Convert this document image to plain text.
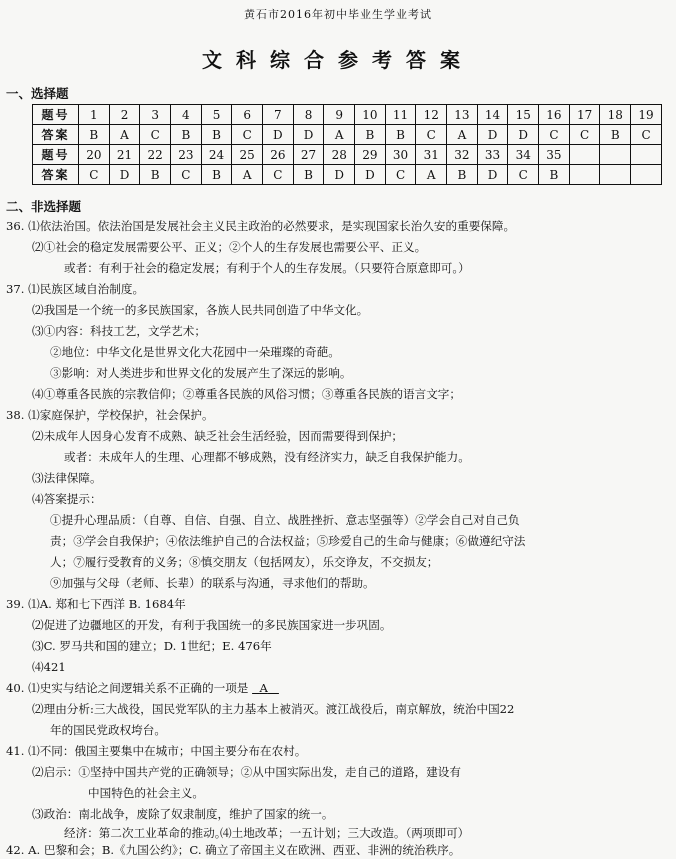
黄石市2016年初中毕业生学业考试
文科综合参考答案
一、选择题
题号	1	2	3	4	5	6	7	8	9	10	11	12	13	14	15	16	17	18	19
答案	B	A	C	B	B	C	D	D	A	B	B	C	A	D	D	C	C	B	C
题号	20	21	22	23	24	25	26	27	28	29	30	31	32	33	34	35			
答案	C	D	B	C	B	A	C	B	D	D	C	A	B	D	C	B			
二、非选择题
36. ⑴依法治国。依法治国是发展社会主义民主政治的必然要求，是实现国家长治久安的重要保障。
⑵①社会的稳定发展需要公平、正义；②个人的生存发展也需要公平、正义。
或者：有利于社会的稳定发展；有利于个人的生存发展。（只要符合原意即可。）
37. ⑴民族区域自治制度。
⑵我国是一个统一的多民族国家，各族人民共同创造了中华文化。
⑶①内容：科技工艺，文学艺术；
②地位：中华文化是世界文化大花园中一朵璀璨的奇葩。
③影响：对人类进步和世界文化的发展产生了深远的影响。
⑷①尊重各民族的宗教信仰；②尊重各民族的风俗习惯；③尊重各民族的语言文字；
38. ⑴家庭保护，学校保护，社会保护。
⑵未成年人因身心发育不成熟、缺乏社会生活经验，因而需要得到保护；
或者：未成年人的生理、心理都不够成熟，没有经济实力，缺乏自我保护能力。
⑶法律保障。
⑷答案提示：
①提升心理品质：（自尊、自信、自强、自立、战胜挫折、意志坚强等）②学会自己对自己负
责；③学会自我保护；④依法维护自己的合法权益；⑤珍爱自己的生命与健康；⑥做遵纪守法
人；⑦履行受教育的义务；⑧慎交朋友（包括网友），乐交诤友，不交损友；
⑨加强与父母（老师、长辈）的联系与沟通，寻求他们的帮助。
39. ⑴A. 郑和七下西洋 B. 1684年
⑵促进了边疆地区的开发，有利于我国统一的多民族国家进一步巩固。
⑶C. 罗马共和国的建立；D. 1世纪；E. 476年
⑷421
40. ⑴史实与结论之间逻辑关系不正确的一项是 A
⑵理由分析:三大战役，国民党军队的主力基本上被消灭。渡江战役后，南京解放，统治中国22
年的国民党政权垮台。
41. ⑴不同：俄国主要集中在城市；中国主要分布在农村。
⑵启示：①坚持中国共产党的正确领导；②从中国实际出发，走自己的道路，建设有
中国特色的社会主义。
⑶政治：南北战争，废除了奴隶制度，维护了国家的统一。
经济：第二次工业革命的推动。
⑷土地改革；一五计划；三大改造。（两项即可）
42. A. 巴黎和会；B.《九国公约》；C. 确立了帝国主义在欧洲、西亚、非洲的统治秩序。
